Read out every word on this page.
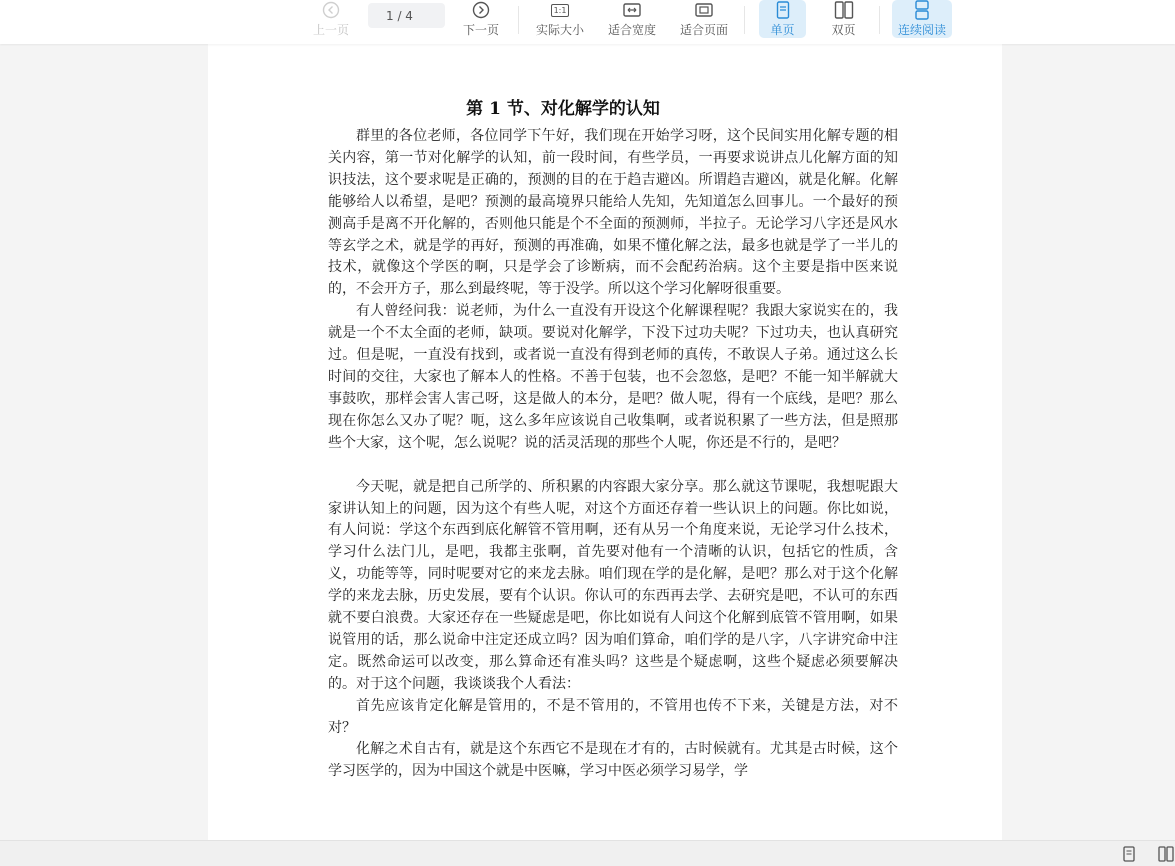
上一页
1 / 4
下一页
1:1
实际大小 适合宽度 适合页面	单页	双页	连续阅读
第 1 节、对化解学的认知

群里的各位老师，各位同学下午好，我们现在开始学习呀，这个民间实用化解专题的相关内容，第一节对化解学的认知，前一段时间，有些学员，一再要求说讲点儿化解方面的知识技法，这个要求呢是正确的，预测的目的在于趋吉避凶。所谓趋吉避凶，就是化解。化解能够给人以希望，是吧？预测的最高境界只能给人先知，先知道怎么回事儿。一个最好的预测高手是离不开化解的，否则他只能是个不全面的预测师，半拉子。无论学习八字还是风水等玄学之术，就是学的再好，预测的再准确，如果不懂化解之法，最多也就是学了一半儿的技术，就像这个学医的啊，只是学会了诊断病，而不会配药治病。这个主要是指中医来说的，不会开方子，那么到最终呢，等于没学。所以这个学习化解呀很重要。

有人曾经问我：说老师，为什么一直没有开设这个化解课程呢？我跟大家说实在的，我就是一个不太全面的老师，缺项。要说对化解学，下没下过功夫呢？下过功夫，也认真研究过。但是呢，一直没有找到，或者说一直没有得到老师的真传，不敢误人子弟。通过这么长时间的交往，大家也了解本人的性格。不善于包装，也不会忽悠，是吧？不能一知半解就大事鼓吹，那样会害人害己呀，这是做人的本分，是吧？做人呢，得有一个底线，是吧？那么现在你怎么又办了呢？呃，这么多年应该说自己收集啊，或者说积累了一些方法，但是照那些个大家，这个呢，怎么说呢？说的活灵活现的那些个人呢，你还是不行的，是吧？

今天呢，就是把自己所学的、所积累的内容跟大家分享。那么就这节课呢，我想呢跟大家讲认知上的问题，因为这个有些人呢，对这个方面还存着一些认识上的问题。你比如说，有人问说：学这个东西到底化解管不管用啊，还有从另一个角度来说，无论学习什么技术，学习什么法门儿，是吧，我都主张啊，首先要对他有一个清晰的认识，包括它的性质，含义，功能等等，同时呢要对它的来龙去脉。咱们现在学的是化解，是吧？那么对于这个化解学的来龙去脉，历史发展，要有个认识。你认可的东西再去学、去研究是吧，不认可的东西就不要白浪费。大家还存在一些疑虑是吧，你比如说有人问这个化解到底管不管用啊，如果说管用的话，那么说命中注定还成立吗？因为咱们算命，咱们学的是八字，八字讲究命中注定。既然命运可以改变，那么算命还有准头吗？这些是个疑虑啊，这些个疑虑必须要解决的。对于这个问题，我谈谈我个人看法：

首先应该肯定化解是管用的，不是不管用的，不管用也传不下来，关键是方法，对不对？

化解之术自古有，就是这个东西它不是现在才有的，古时候就有。尤其是古时候，这个学习医学的，因为中国这个就是中医嘛，学习中医必须学习易学，学
